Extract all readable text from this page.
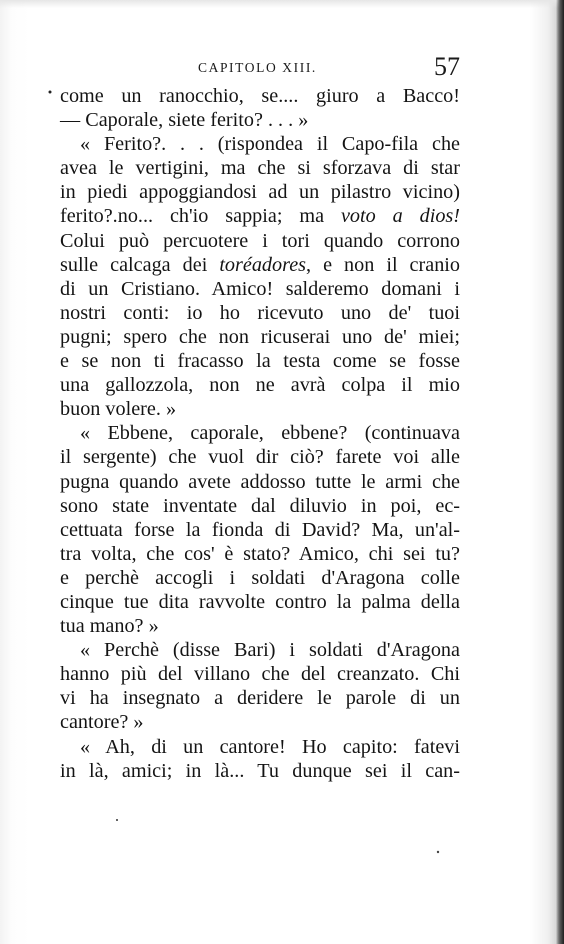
CAPITOLO XIII.	57
come un ranocchio, se.... giuro a Bacco!
— Caporale, siete ferito? . . . »
« Ferito?. . . (rispondea il Capo-fila che
avea le vertigini, ma che si sforzava di star
in piedi appoggiandosi ad un pilastro vicino)
ferito?.no... ch'io sappia; ma voto a dios!
Colui può percuotere i tori quando corrono
sulle calcaga dei toréadores, e non il cranio
di un Cristiano. Amico! salderemo domani i
nostri conti: io ho ricevuto uno de' tuoi
pugni; spero che non ricuserai uno de' miei;
e se non ti fracasso la testa come se fosse
una gallozzola, non ne avrà colpa il mio
buon volere. »
« Ebbene, caporale, ebbene? (continuava
il sergente) che vuol dir ciò? farete voi alle
pugna quando avete addosso tutte le armi che
sono state inventate dal diluvio in poi, ec-
cettuata forse la fionda di David? Ma, un'al-
tra volta, che cos' è stato? Amico, chi sei tu?
e perchè accogli i soldati d'Aragona colle
cinque tue dita ravvolte contro la palma della
tua mano? »
« Perchè (disse Bari) i soldati d'Aragona
hanno più del villano che del creanzato. Chi
vi ha insegnato a deridere le parole di un
cantore? »
« Ah, di un cantore! Ho capito: fatevi
in là, amici; in là... Tu dunque sei il can-
